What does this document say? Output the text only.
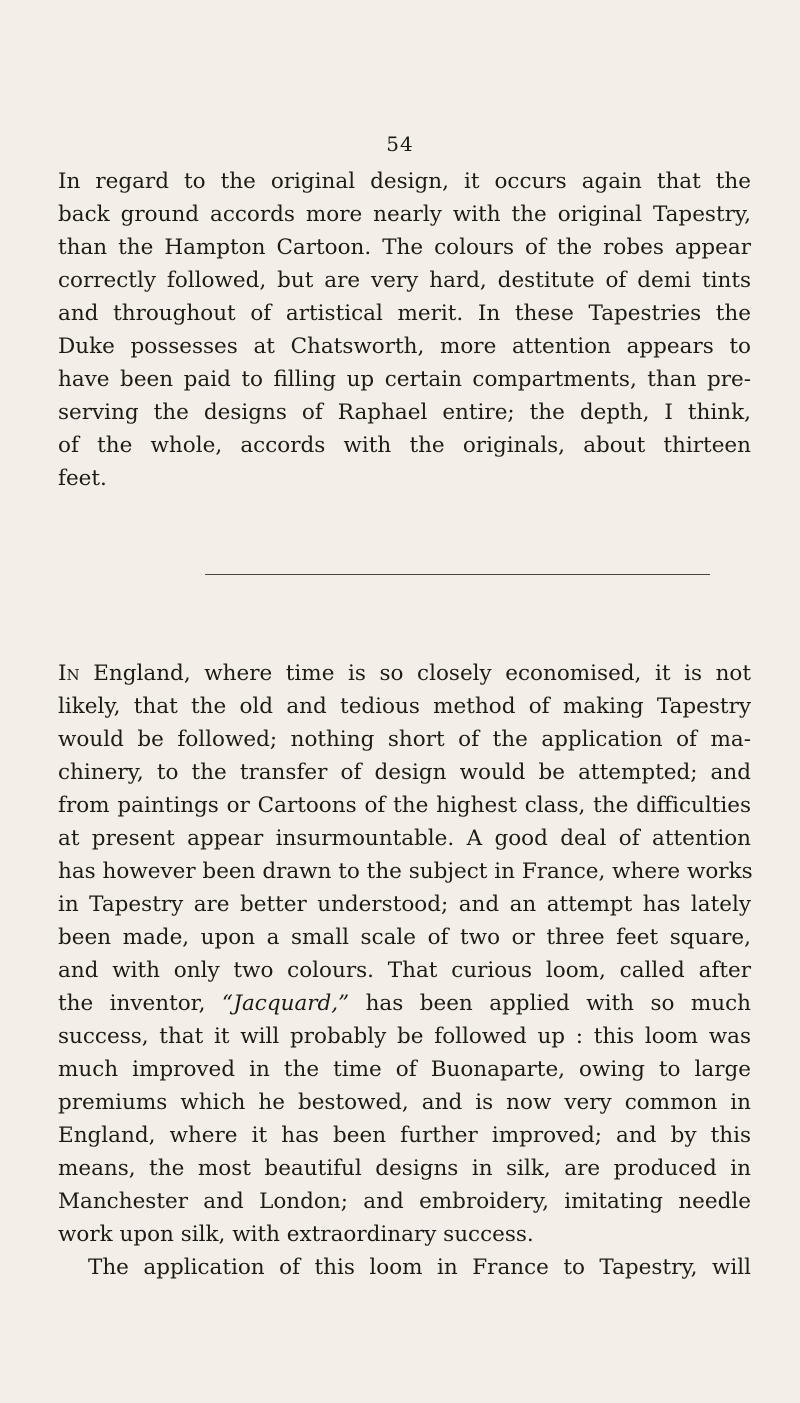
54
In regard to the original design, it occurs again that the
back ground accords more nearly with the original Tapestry,
than the Hampton Cartoon. The colours of the robes appear
correctly followed, but are very hard, destitute of demi tints
and throughout of artistical merit. In these Tapestries the
Duke possesses at Chatsworth, more attention appears to
have been paid to filling up certain compartments, than pre-
serving the designs of Raphael entire; the depth, I think,
of the whole, accords with the originals, about thirteen
feet.
In England, where time is so closely economised, it is not
likely, that the old and tedious method of making Tapestry
would be followed; nothing short of the application of ma-
chinery, to the transfer of design would be attempted; and
from paintings or Cartoons of the highest class, the difficulties
at present appear insurmountable. A good deal of attention
has however been drawn to the subject in France, where works
in Tapestry are better understood; and an attempt has lately
been made, upon a small scale of two or three feet square,
and with only two colours. That curious loom, called after
the inventor, “Jacquard,” has been applied with so much
success, that it will probably be followed up : this loom was
much improved in the time of Buonaparte, owing to large
premiums which he bestowed, and is now very common in
England, where it has been further improved; and by this
means, the most beautiful designs in silk, are produced in
Manchester and London; and embroidery, imitating needle
work upon silk, with extraordinary success.
The application of this loom in France to Tapestry, will
